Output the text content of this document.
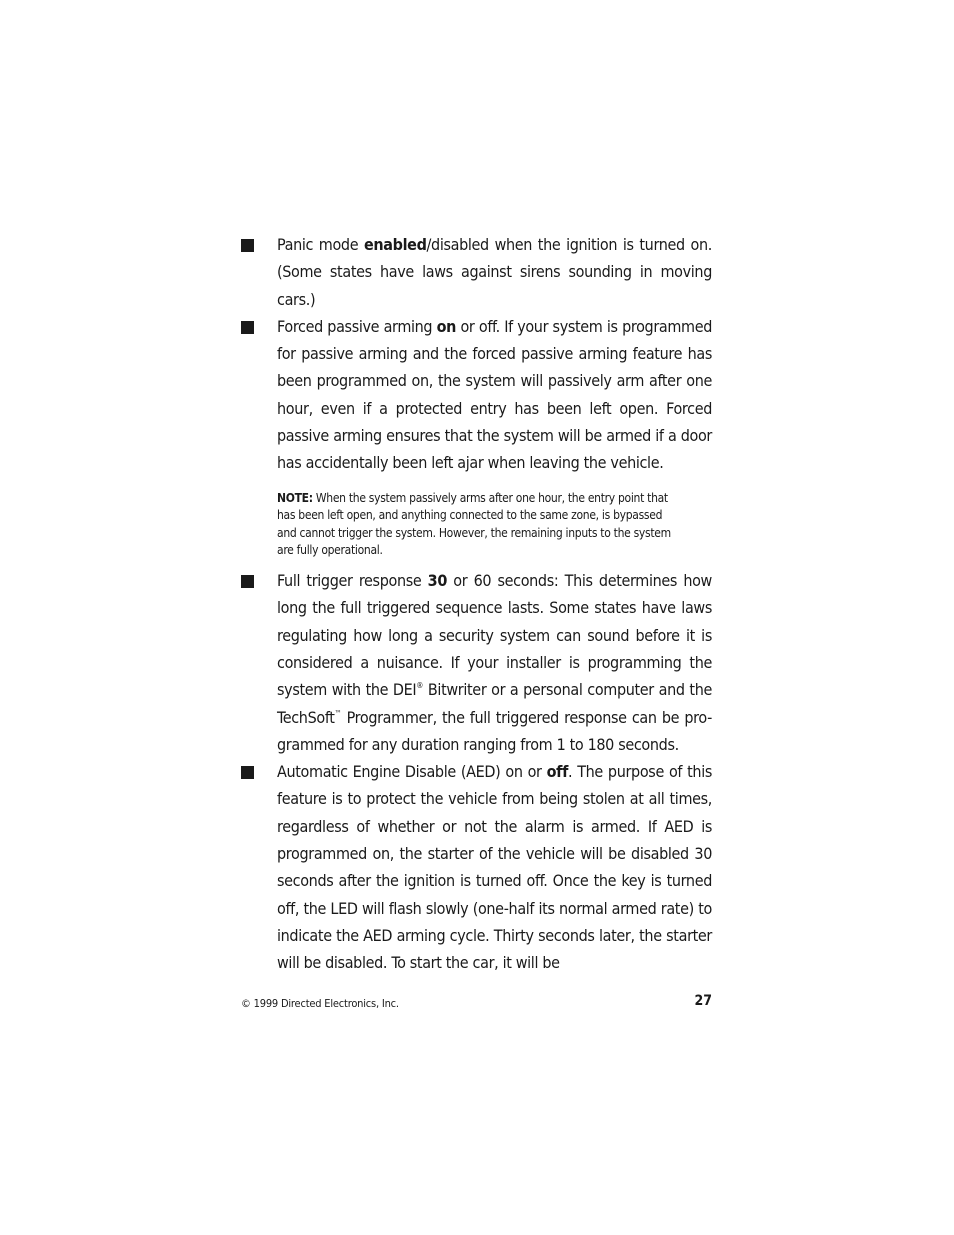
Panic mode enabled/disabled when the ignition is turned on. (Some states have laws against sirens sounding in moving cars.)

Forced passive arming on or off. If your system is programmed for passive arming and the forced passive arming feature has been programmed on, the system will passively arm after one hour, even if a protected entry has been left open. Forced passive arming ensures that the system will be armed if a door has accidentally been left ajar when leaving the vehicle.

NOTE: When the system passively arms after one hour, the entry point that has been left open, and anything connected to the same zone, is bypassed and cannot trigger the system. However, the remaining inputs to the system are fully operational.

Full trigger response 30 or 60 seconds: This determines how long the full triggered sequence lasts. Some states have laws regulating how long a security system can sound before it is considered a nuisance. If your installer is programming the system with the DEI® Bitwriter or a personal computer and the TechSoft™ Programmer, the full triggered response can be pro-grammed for any duration ranging from 1 to 180 seconds.

Automatic Engine Disable (AED) on or off. The purpose of this feature is to protect the vehicle from being stolen at all times, regardless of whether or not the alarm is armed. If AED is programmed on, the starter of the vehicle will be disabled 30 seconds after the ignition is turned off. Once the key is turned off, the LED will flash slowly (one-half its normal armed rate) to indicate the AED arming cycle. Thirty seconds later, the starter will be disabled. To start the car, it will be

© 1999 Directed Electronics, Inc.	27
